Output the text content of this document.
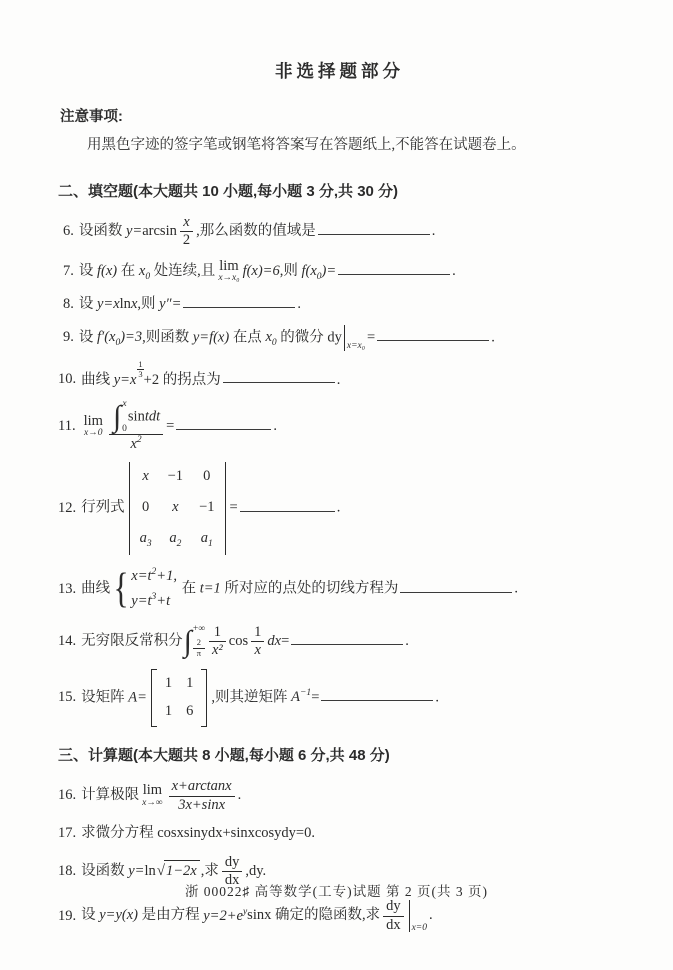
非选择题部分
注意事项:
用黑色字迹的签字笔或钢笔将答案写在答题纸上,不能答在试题卷上。
二、填空题(本大题共 10 小题,每小题 3 分,共 30 分)
6. 设函数 $y=\arcsin \frac{x}{2}$ ,那么函数的值域是	.
7. 设 f(x) 在 $x_0$ 处连续,且 lim
x→x₀ f(x)=6,则 $f(x_0)=$	.
8. 设 y=xlnx,则 y″=	.
9. 设 $f'(x_0)=3$,则函数 y=f(x) 在点 $x_0$ 的微分 dy
x=x₀
=	.
10. 曲线 $y=x \frac{1}{3} +2$ 的拐点为	.
11. lim
x→0 ∫ x
0
sintdt
$x^2$ =	.
12. 行列式
x −1 0
0	x	−1
$a_3$ $a_2$ $a_1$
=	.
13. 曲线 { $x=t^2+1$,
$y=t^3+t$
在 t=1 所对应的点处的切线方程为	.
14. 无穷限反常积分 ∫ +∞
$\frac{2}{\pi} \frac{1}{\text{x²}}$ $\cos \frac{1}{x} dx=$	.
15. 设矩阵 A=
1 1
1 6
,则其逆矩阵 $A^{-1}=$	.
三、计算题(本大题共 8 小题,每小题 6 分,共 48 分)
16. 计算极限 lim
$x\to\infty \frac{x+\arctan x}{3x+\sin x}$ .
17. 求微分方程 cosxsinydx+sinxcosydy=0.
18. 设函数 y=ln √ 1−2x ,求 $\frac{dy}{dx} ,dy$.
19. 设 y=y(x) 是由方程 $y=2+e^y\sin x$ 确定的隐函数,求 $\frac{dy}{dx} x=0$
.
浙 00022♯ 高等数学(工专)试题 第 2 页(共 3 页)
